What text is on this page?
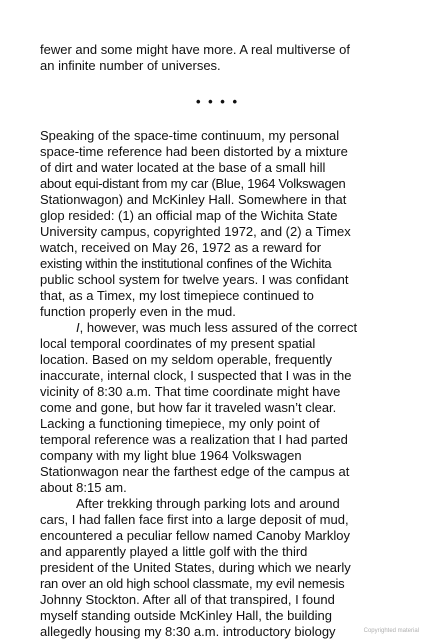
fewer and some might have more. A real multiverse of
an infinite number of universes.
• • • •
Speaking of the space-time continuum, my personal
space-time reference had been distorted by a mixture
of dirt and water located at the base of a small hill
about equi-distant from my car (Blue, 1964 Volkswagen
Stationwagon) and McKinley Hall. Somewhere in that
glop resided: (1) an official map of the Wichita State
University campus, copyrighted 1972, and (2) a Timex
watch, received on May 26, 1972 as a reward for
existing within the institutional confines of the Wichita
public school system for twelve years. I was confidant
that, as a Timex, my lost timepiece continued to
function properly even in the mud.
I, however, was much less assured of the correct
local temporal coordinates of my present spatial
location. Based on my seldom operable, frequently
inaccurate, internal clock, I suspected that I was in the
vicinity of 8:30 a.m. That time coordinate might have
come and gone, but how far it traveled wasn’t clear.
Lacking a functioning timepiece, my only point of
temporal reference was a realization that I had parted
company with my light blue 1964 Volkswagen
Stationwagon near the farthest edge of the campus at
about 8:15 am.
After trekking through parking lots and around
cars, I had fallen face first into a large deposit of mud,
encountered a peculiar fellow named Canoby Markloy
and apparently played a little golf with the third
president of the United States, during which we nearly
ran over an old high school classmate, my evil nemesis
Johnny Stockton. After all of that transpired, I found
myself standing outside McKinley Hall, the building
allegedly housing my 8:30 a.m. introductory biology	Copyrighted material
